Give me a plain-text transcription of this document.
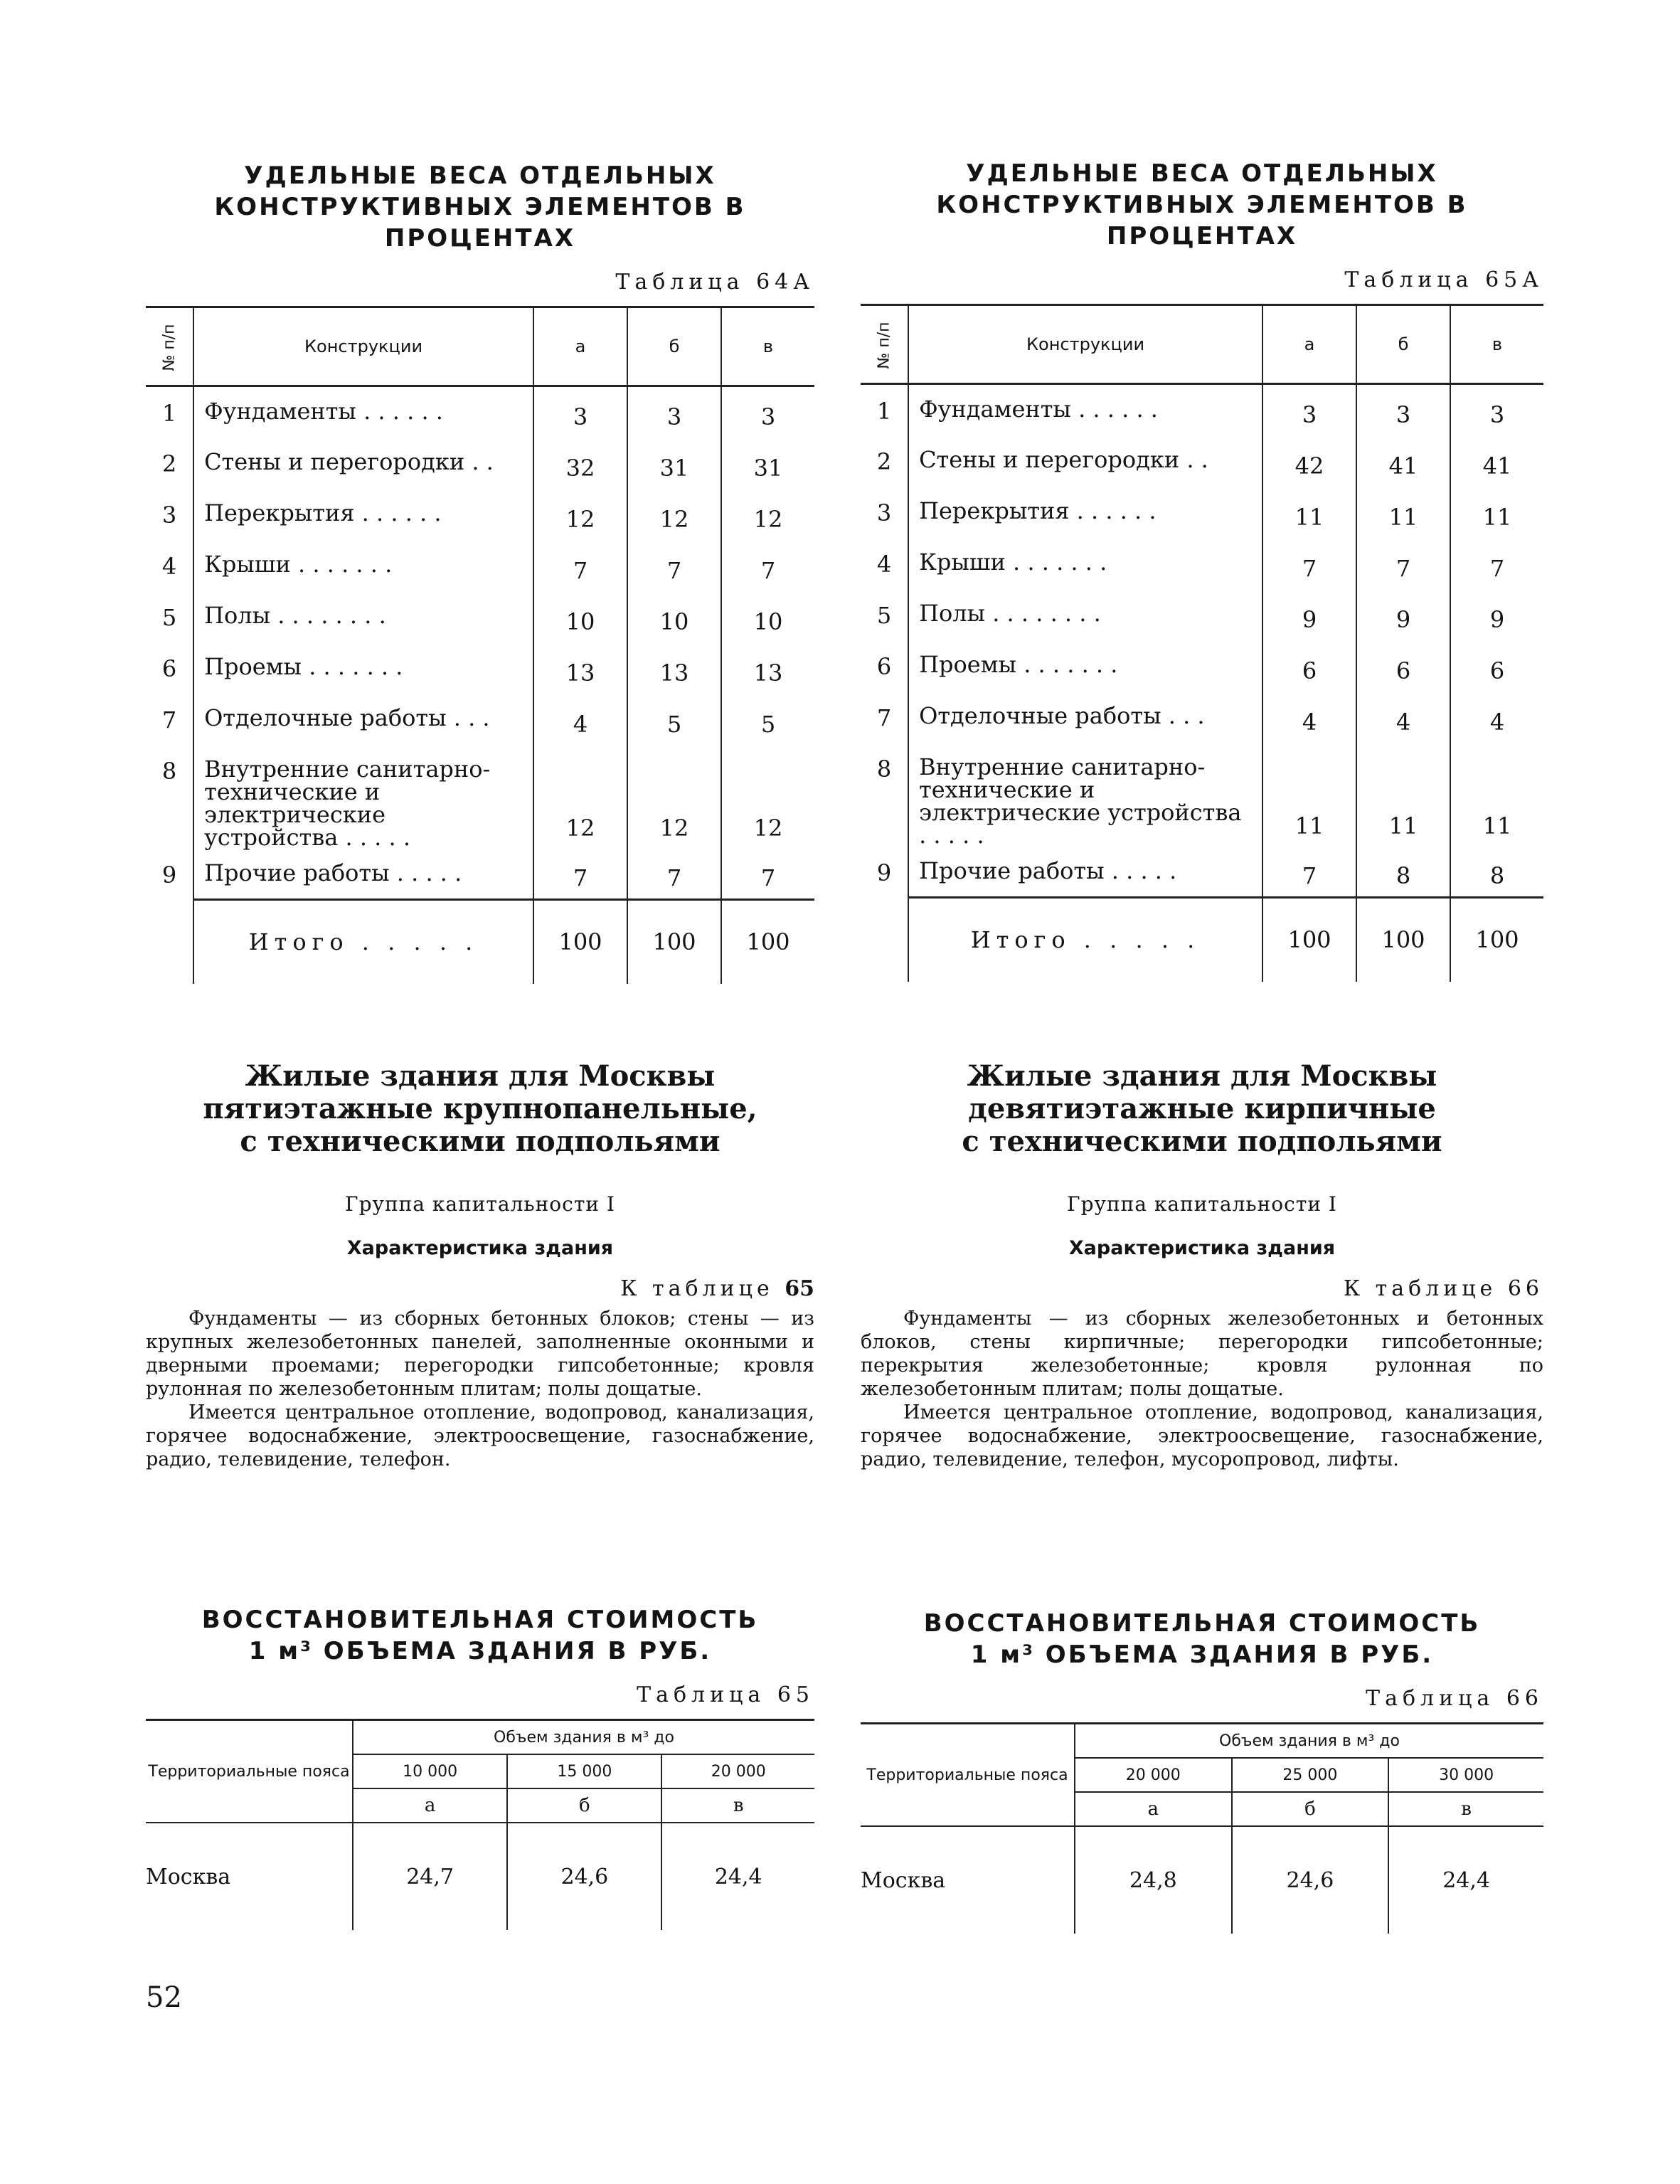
УДЕЛЬНЫЕ ВЕСА ОТДЕЛЬНЫХ

КОНСТРУКТИВНЫХ ЭЛЕМЕНТОВ В ПРОЦЕНТАХ

Таблица 64А
№ п/п	Конструкции	а	б	в
1	Фундаменты . . . . . .	3	3	3
2	Стены и перегородки . .	32	31	31
3	Перекрытия . . . . . .	12	12	12
4	Крыши . . . . . . .	7	7	7
5	Полы . . . . . . . .	10	10	10
6	Проемы . . . . . . .	13	13	13
7	Отделочные работы . . .	4	5	5
8	Внутренние санитарно-технические и электрические устройства . . . . .	12	12	12
9	Прочие работы . . . . .	7	7	7
	Итого . . . . .	100	100	100

Жилые здания для Москвы

пятиэтажные крупнопанельные,

с техническими подпольями

Группа капитальности I
Характеристика здания
К таблице 65

Фундаменты — из сборных бетонных блоков; стены — из крупных железобетонных панелей, заполненные оконными и дверными проемами; перегородки гипсобетонные; кровля рулонная по железобетонным плитам; полы дощатые.

Имеется центральное отопление, водопровод, канализация, горячее водоснабжение, электроосвещение, газоснабжение, радио, телевидение, телефон.

ВОССТАНОВИТЕЛЬНАЯ СТОИМОСТЬ

1 м³ ОБЪЕМА ЗДАНИЯ В РУБ.

Таблица 65
Территориальные пояса	Объем здания в м³ до		
	10 000	15 000	20 000
	а	б	в
Москва	24,7	24,6	24,4

УДЕЛЬНЫЕ ВЕСА ОТДЕЛЬНЫХ

КОНСТРУКТИВНЫХ ЭЛЕМЕНТОВ В ПРОЦЕНТАХ

Таблица 65А
№ п/п	Конструкции	а	б	в
1	Фундаменты . . . . . .	3	3	3
2	Стены и перегородки . .	42	41	41
3	Перекрытия . . . . . .	11	11	11
4	Крыши . . . . . . .	7	7	7
5	Полы . . . . . . . .	9	9	9
6	Проемы . . . . . . .	6	6	6
7	Отделочные работы . . .	4	4	4
8	Внутренние санитарно-технические и электрические устройства . . . . .	11	11	11
9	Прочие работы . . . . .	7	8	8
	Итого . . . . .	100	100	100

Жилые здания для Москвы

девятиэтажные кирпичные

с техническими подпольями

Группа капитальности I
Характеристика здания
К таблице 66

Фундаменты — из сборных железобетонных и бетонных блоков, стены кирпичные; перегородки гипсобетонные; перекрытия железобетонные; кровля рулонная по железобетонным плитам; полы дощатые.

Имеется центральное отопление, водопровод, канализация, горячее водоснабжение, электроосвещение, газоснабжение, радио, телевидение, телефон, мусоропровод, лифты.

ВОССТАНОВИТЕЛЬНАЯ СТОИМОСТЬ

1 м³ ОБЪЕМА ЗДАНИЯ В РУБ.

Таблица 66
Территориальные пояса	Объем здания в м³ до		
	20 000	25 000	30 000
	а	б	в
Москва	24,8	24,6	24,4
52
